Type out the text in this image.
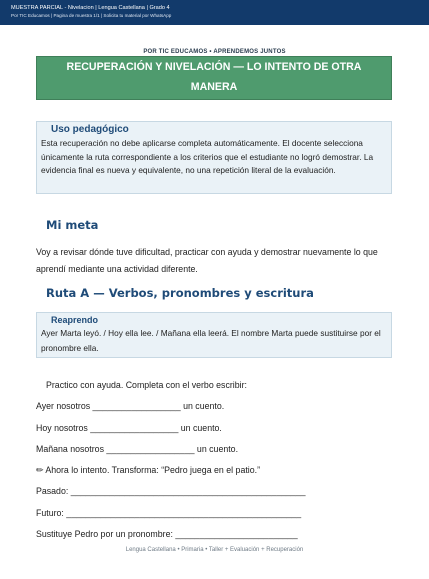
MUESTRA PARCIAL - Nivelacion | Lengua Castellana | Grado 4
Por TIC Educamos | Pagina de muestra 1/1 | Solicita tu material por WhatsApp
POR TIC EDUCAMOS • APRENDEMOS JUNTOS
RECUPERACIÓN Y NIVELACIÓN — LO INTENTO DE OTRA
MANERA
Uso pedagógico
Esta recuperación no debe aplicarse completa automáticamente. El docente selecciona únicamente la ruta correspondiente a los criterios que el estudiante no logró demostrar. La evidencia final es nueva y equivalente, no una repetición literal de la evaluación.
Mi meta
Voy a revisar dónde tuve dificultad, practicar con ayuda y demostrar nuevamente lo que aprendí mediante una actividad diferente.
Ruta A — Verbos, pronombres y escritura
Reaprendo
Ayer Marta leyó. / Hoy ella lee. / Mañana ella leerá. El nombre Marta puede sustituirse por el pronombre ella.
Practico con ayuda. Completa con el verbo escribir:
Ayer nosotros __________________ un cuento.
Hoy nosotros __________________ un cuento.
Mañana nosotros __________________ un cuento.
✏ Ahora lo intento. Transforma: “Pedro juega en el patio.”
Pasado: ________________________________________________
Futuro: ________________________________________________
Sustituye Pedro por un pronombre: _________________________
Lengua Castellana • Primaria • Taller + Evaluación + Recuperación
